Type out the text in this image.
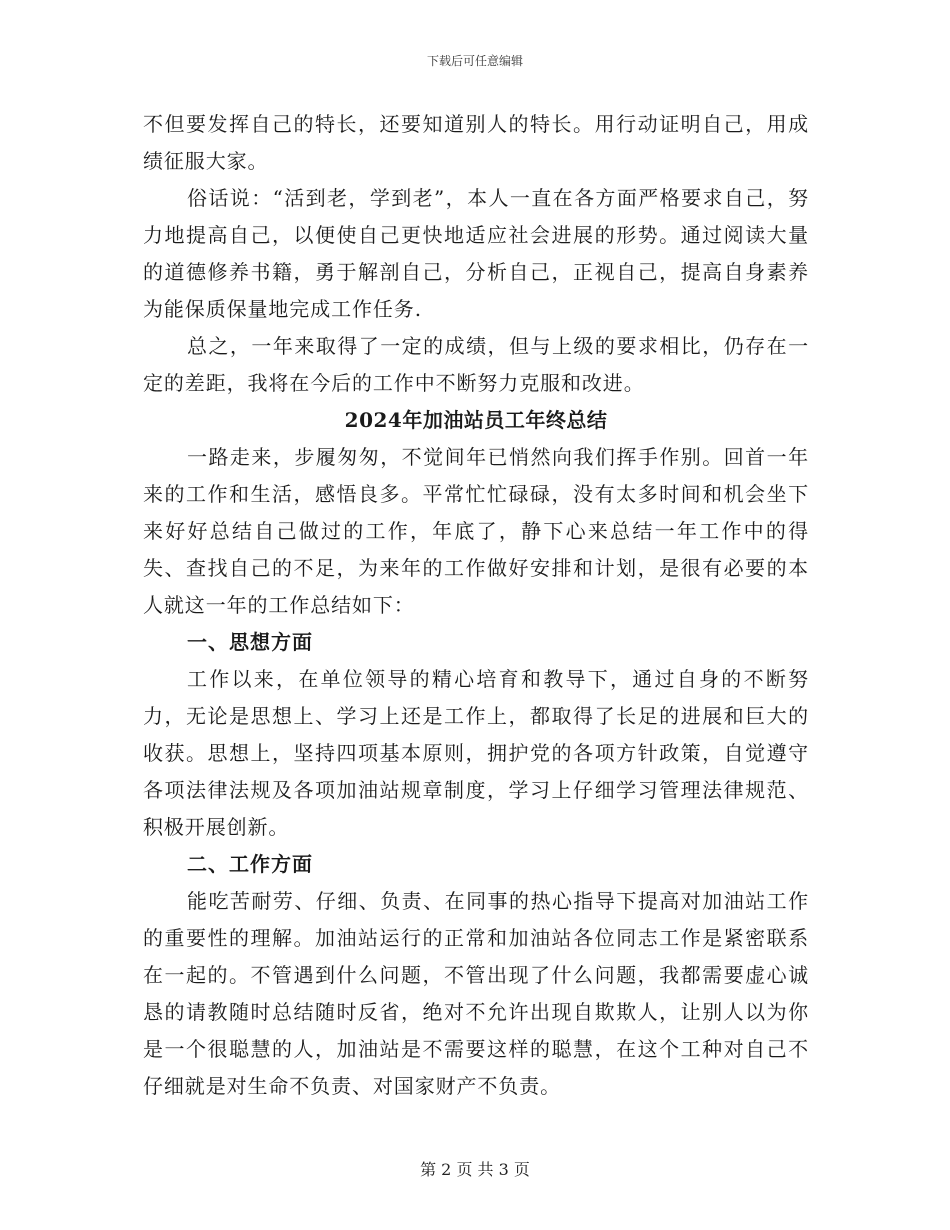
下载后可任意编辑

不但要发挥自己的特长，还要知道别人的特长。用行动证明自己，用成绩征服大家。

俗话说：“活到老，学到老”，本人一直在各方面严格要求自己，努力地提高自己，以便使自己更快地适应社会进展的形势。通过阅读大量的道德修养书籍，勇于解剖自己，分析自己，正视自己，提高自身素养为能保质保量地完成工作任务.

总之，一年来取得了一定的成绩，但与上级的要求相比，仍存在一定的差距，我将在今后的工作中不断努力克服和改进。

2024年加油站员工年终总结

一路走来，步履匆匆，不觉间年已悄然向我们挥手作别。回首一年来的工作和生活，感悟良多。平常忙忙碌碌，没有太多时间和机会坐下来好好总结自己做过的工作，年底了，静下心来总结一年工作中的得失、查找自己的不足，为来年的工作做好安排和计划，是很有必要的本人就这一年的工作总结如下：

一、思想方面

工作以来，在单位领导的精心培育和教导下，通过自身的不断努力，无论是思想上、学习上还是工作上，都取得了长足的进展和巨大的收获。思想上，坚持四项基本原则，拥护党的各项方针政策，自觉遵守各项法律法规及各项加油站规章制度，学习上仔细学习管理法律规范、积极开展创新。

二、工作方面

能吃苦耐劳、仔细、负责、在同事的热心指导下提高对加油站工作的重要性的理解。加油站运行的正常和加油站各位同志工作是紧密联系在一起的。不管遇到什么问题，不管出现了什么问题，我都需要虚心诚恳的请教随时总结随时反省，绝对不允许出现自欺欺人，让别人以为你是一个很聪慧的人，加油站是不需要这样的聪慧，在这个工种对自己不仔细就是对生命不负责、对国家财产不负责。

第 2 页 共 3 页
